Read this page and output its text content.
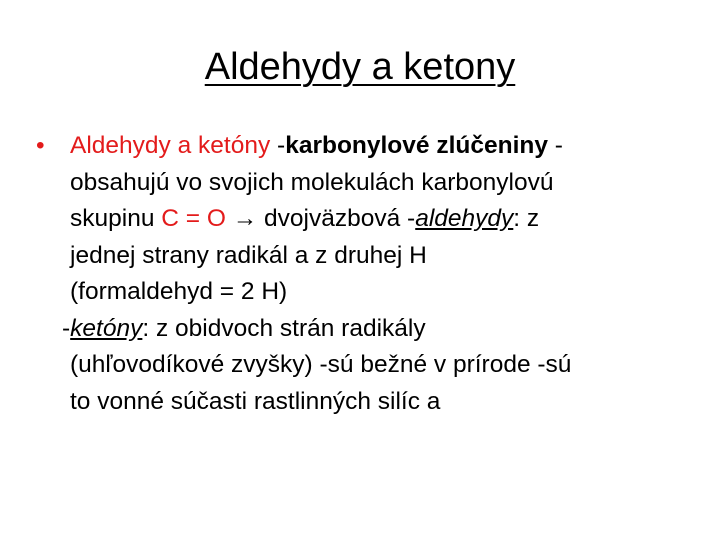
Aldehydy a ketony
• Aldehydy a ketóny -karbonylové zlúčeniny -
obsahujú vo svojich molekulách karbonylovú
skupinu C = O → dvojväzbová -aldehydy: z
jednej strany radikál a z druhej H
(formaldehyd = 2 H)
-ketóny: z obidvoch strán radikály
(uhľovodíkové zvyšky) -sú bežné v prírode -sú
to vonné súčasti rastlinných silíc a
